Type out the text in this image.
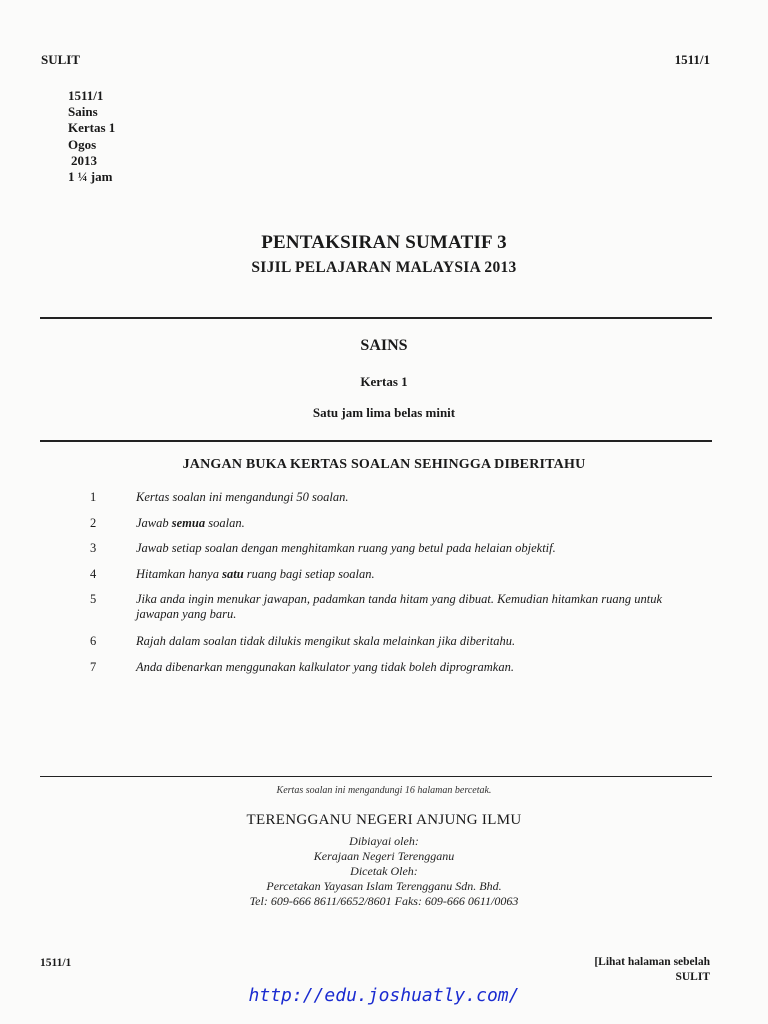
SULIT	1511/1
1511/1
Sains
Kertas 1
Ogos
2013
1 ¼ jam
PENTAKSIRAN SUMATIF 3
SIJIL PELAJARAN MALAYSIA 2013
SAINS
Kertas 1
Satu jam lima belas minit
JANGAN BUKA KERTAS SOALAN SEHINGGA DIBERITAHU
1	Kertas soalan ini mengandungi 50 soalan.
2	Jawab semua soalan.
3	Jawab setiap soalan dengan menghitamkan ruang yang betul pada helaian objektif.
4	Hitamkan hanya satu ruang bagi setiap soalan.
5	Jika anda ingin menukar jawapan, padamkan tanda hitam yang dibuat. Kemudian hitamkan ruang untuk jawapan yang baru.
6	Rajah dalam soalan tidak dilukis mengikut skala melainkan jika diberitahu.
7	Anda dibenarkan menggunakan kalkulator yang tidak boleh diprogramkan.
Kertas soalan ini mengandungi 16 halaman bercetak.
TERENGGANU NEGERI ANJUNG ILMU
Dibiayai oleh:
Kerajaan Negeri Terengganu
Dicetak Oleh:
Percetakan Yayasan Islam Terengganu Sdn. Bhd.
Tel: 609-666 8611/6652/8601 Faks: 609-666 0611/0063
1511/1	[Lihat halaman sebelah
SULIT
http://edu.joshuatly.com/
